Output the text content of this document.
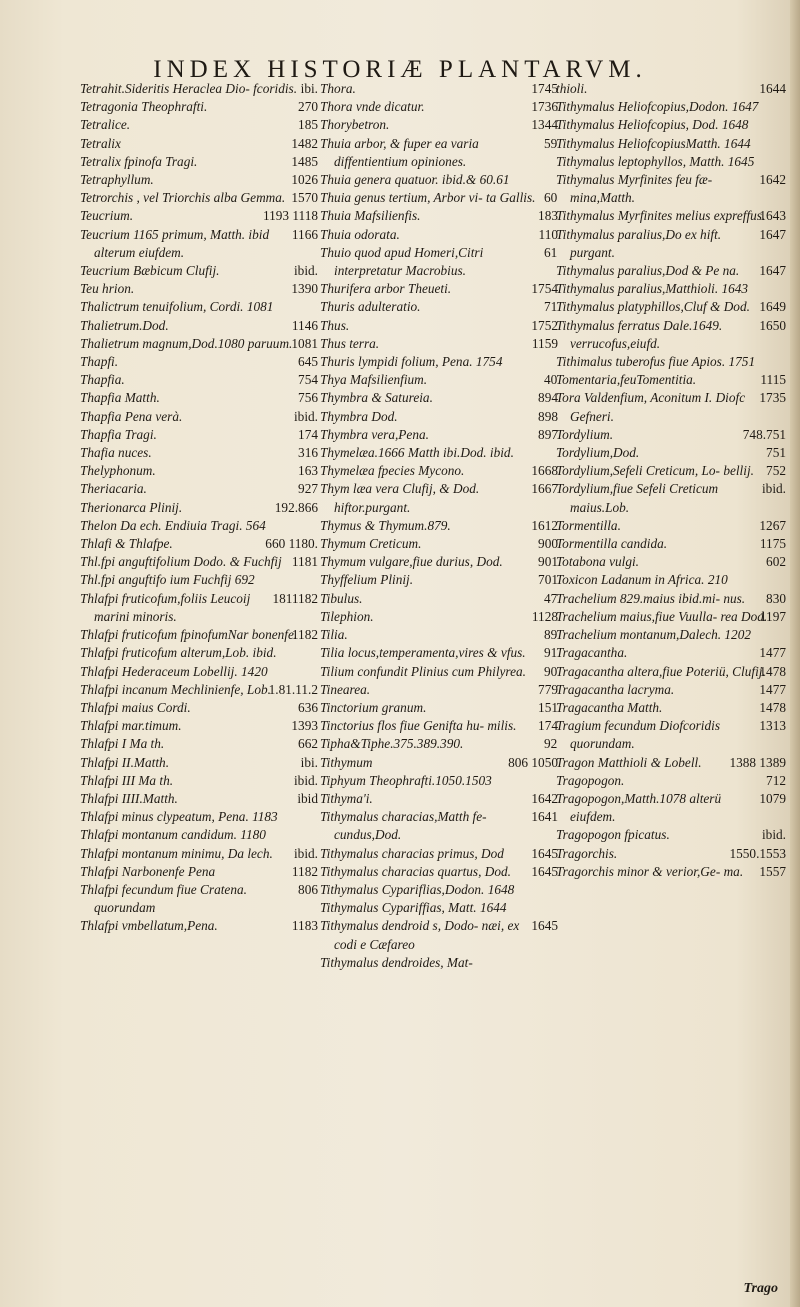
INDEX HISTORIÆ PLANTARVM.
ibi.
Tetrahit.Sideritis Heraclea Dio- fcoridis.
270
Tetragonia Theophrafti.
185
Tetralice.
1482
Tetralix
1485
Tetralix fpinofa Tragi.
1026
Tetraphyllum.
1570
Tetrorchis , vel Triorchis alba Gemma.
1193 1118
Teucrium.
1166
Teucrium 1165 primum, Matth. ibid alterum eiufdem.
ibid.
Teucrium Bæbicum Clufij.
1390
Teu hrion.
Thalictrum tenuifolium, Cordi. 1081
1146
Thalietrum.Dod.
1081
Thalietrum magnum,Dod.1080 paruum.
645
Thapfi.
754
Thapfia.
756
Thapfia Matth.
ibid.
Thapfia Pena verà.
174
Thapfia Tragi.
316
Thafia nuces.
163
Thelyphonum.
927
Theriacaria.
192.866
Therionarca Plinij.
Thelon Da ech. Endiuia Tragi. 564
660 1180.
Thlafi & Thlafpe.
1181
Thl.fpi anguftifolium Dodo. & Fuchfij
Thl.fpi anguftifo ium Fuchfij 692
1811182
Thlafpi fruticofum,foliis Leucoij marini minoris.
1182
Thlafpi fruticofum fpinofumNar bonenfe.
Thlafpi fruticofum alterum,Lob. ibid.
Thlafpi Hederaceum Lobellij. 1420
1.81.11.2
Thlafpi incanum Mechlinienfe, Lob.
636
Thlafpi maius Cordi.
1393
Thlafpi mar.timum.
662
Thlafpi I Ma th.
ibi.
Thlafpi II.Matth.
ibid.
Thlafpi III Ma th.
ibid
Thlafpi IIII.Matth.
Thlafpi minus clypeatum, Pena. 1183
Thlafpi montanum candidum. 1180
ibid.
Thlafpi montanum minimu, Da lech.
1182
Thlafpi Narbonenfe Pena
806
Thlafpi fecundum fiue Cratena. quorundam
1183
Thlafpi vmbellatum,Pena.
1745
Thora.
1736
Thora vnde dicatur.
1344
Thorybetron.
59
Thuia arbor, & fuper ea varia diffentientium opiniones.
Thuia genera quatuor. ibid.& 60.61
60
Thuia genus tertium, Arbor vi- ta Gallis.
183
Thuia Mafsilienfis.
110
Thuia odorata.
61
Thuio quod apud Homeri,Citri interpretatur Macrobius.
1754
Thurifera arbor Theueti.
71
Thuris adulteratio.
1752
Thus.
1159
Thus terra.
Thuris lympidi folium, Pena. 1754
40
Thya Mafsilienfium.
894
Thymbra & Satureia.
898
Thymbra Dod.
897
Thymbra vera,Pena.
Thymelæa.1666 Matth ibi.Dod. ibid.
1668
Thymelæa fpecies Mycono.
1667
Thym læa vera Clufij, & Dod. hiftor.purgant.
1612
Thymus & Thymum.879.
900
Thymum Creticum.
901
Thymum vulgare,fiue durius, Dod.
701
Thyffelium Plinij.
47
Tibulus.
1128
Tilephion.
89
Tilia.
91
Tilia locus,temperamenta,vires & vfus.
90
Tilium confundit Plinius cum Philyrea.
779
Tinearea.
151
Tinctorium granum.
174
Tinctorius flos fiue Genifta hu- milis.
92
Tipha&Tiphe.375.389.390.
806 1050
Tithymum
Tiphyum Theophrafti.1050.1503
1642
Tithyma'i.
1641
Tithymalus characias,Matth fe- cundus,Dod.
1645
Tithymalus characias primus, Dod
1645
Tithymalus characias quartus, Dod.
Tithymalus Cypariflias,Dodon. 1648
Tithymalus Cypariffias, Matt. 1644
1645
Tithymalus dendroid s, Dodo- næi, ex codi e Cæfareo
Tithymalus dendroides, Mat-
1644
thioli.
Tithymalus Heliofcopius,Dodon. 1647
Tithymalus Heliofcopius, Dod. 1648
Tithymalus HeliofcopiusMatth. 1644
Tithymalus leptophyllos, Matth. 1645
1642
Tithymalus Myrfinites feu fæ- mina,Matth.
1643
Tithymalus Myrfinites melius expreffus.
1647
Tithymalus paralius,Do ex hift. purgant.
1647
Tithymalus paralius,Dod & Pe na.
Tithymalus paralius,Matthioli. 1643
1649
Tithymalus platyphillos,Cluf & Dod.
1650
Tithymalus ferratus Dale.1649. verrucofus,eiufd.
Tithimalus tuberofus fiue Apios. 1751
1115
Tomentaria,feuTomentitia.
1735
Tora Valdenfium, Aconitum I. Diofc Gefneri.
748.751
Tordylium.
751
Tordylium,Dod.
752
Tordylium,Sefeli Creticum, Lo- bellij.
ibid.
Tordylium,fiue Sefeli Creticum maius.Lob.
1267
Tormentilla.
1175
Tormentilla candida.
602
Totabona vulgi.
Toxicon Ladanum in Africa. 210
830
Trachelium 829.maius ibid.mi- nus.
1197
Trachelium maius,fiue Vuulla- rea Dod.
Trachelium montanum,Dalech. 1202
1477
Tragacantha.
1478
Tragacantha altera,fiue Poteriü, Clufij.
1477
Tragacantha lacryma.
1478
Tragacantha Matth.
1313
Tragium fecundum Diofcoridis quorundam.
1388 1389
Tragon Matthioli & Lobell.
712
Tragopogon.
1079
Tragopogon,Matth.1078 alterü eiufdem.
ibid.
Tragopogon fpicatus.
1550.1553
Tragorchis.
1557
Tragorchis minor & verior,Ge- ma.
Trago
